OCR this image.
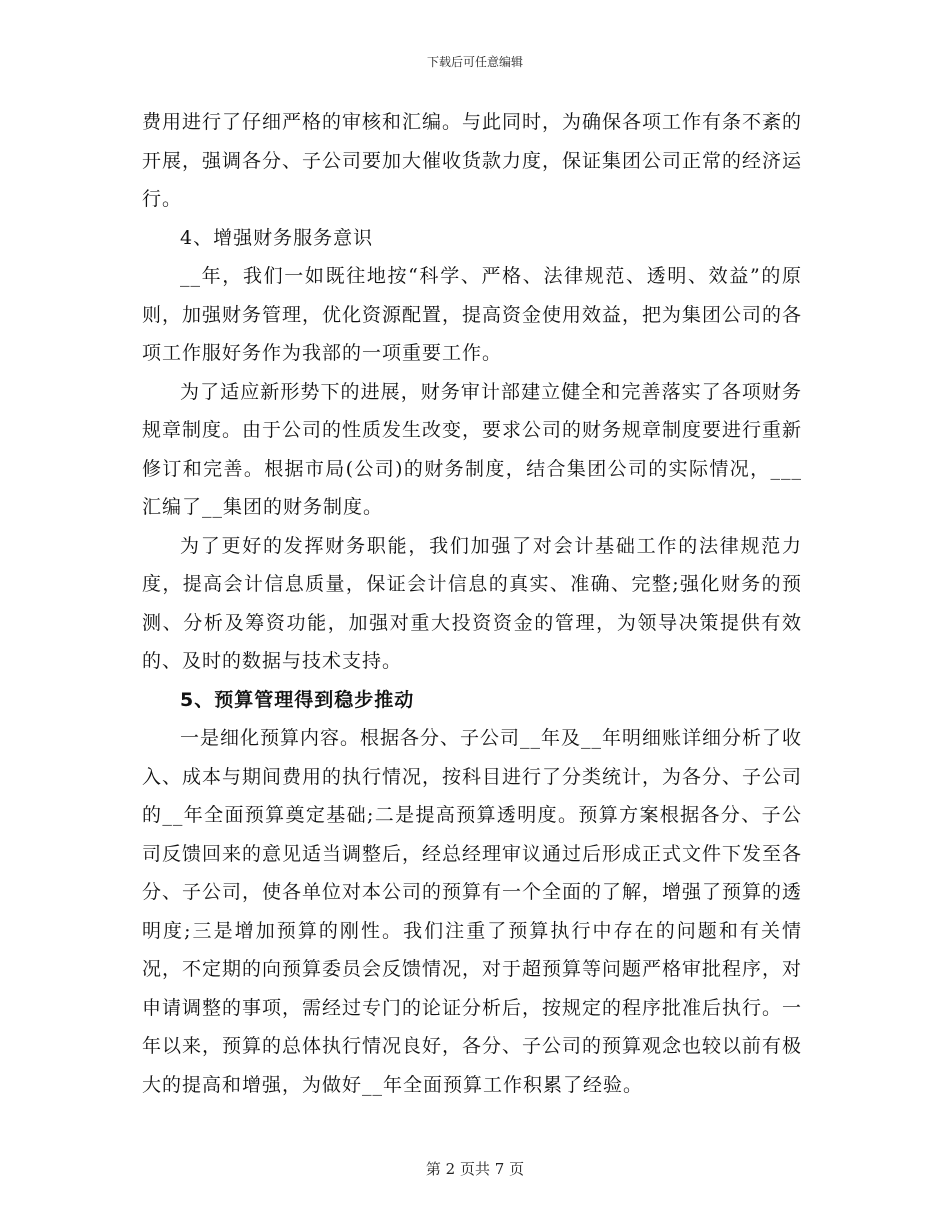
下载后可任意编辑

费用进行了仔细严格的审核和汇编。与此同时，为确保各项工作有条不紊的开展，强调各分、子公司要加大催收货款力度，保证集团公司正常的经济运行。

4、增强财务服务意识

__年，我们一如既往地按“科学、严格、法律规范、透明、效益”的原则，加强财务管理，优化资源配置，提高资金使用效益，把为集团公司的各项工作服好务作为我部的一项重要工作。

为了适应新形势下的进展，财务审计部建立健全和完善落实了各项财务规章制度。由于公司的性质发生改变，要求公司的财务规章制度要进行重新修订和完善。根据市局(公司)的财务制度，结合集团公司的实际情况，___汇编了__集团的财务制度。

为了更好的发挥财务职能，我们加强了对会计基础工作的法律规范力度，提高会计信息质量，保证会计信息的真实、准确、完整;强化财务的预测、分析及筹资功能，加强对重大投资资金的管理，为领导决策提供有效的、及时的数据与技术支持。

5、预算管理得到稳步推动

一是细化预算内容。根据各分、子公司__年及__年明细账详细分析了收入、成本与期间费用的执行情况，按科目进行了分类统计，为各分、子公司的__年全面预算奠定基础;二是提高预算透明度。预算方案根据各分、子公司反馈回来的意见适当调整后，经总经理审议通过后形成正式文件下发至各分、子公司，使各单位对本公司的预算有一个全面的了解，增强了预算的透明度;三是增加预算的刚性。我们注重了预算执行中存在的问题和有关情况，不定期的向预算委员会反馈情况，对于超预算等问题严格审批程序，对申请调整的事项，需经过专门的论证分析后，按规定的程序批准后执行。一年以来，预算的总体执行情况良好，各分、子公司的预算观念也较以前有极大的提高和增强，为做好__年全面预算工作积累了经验。

第 2 页共 7 页
